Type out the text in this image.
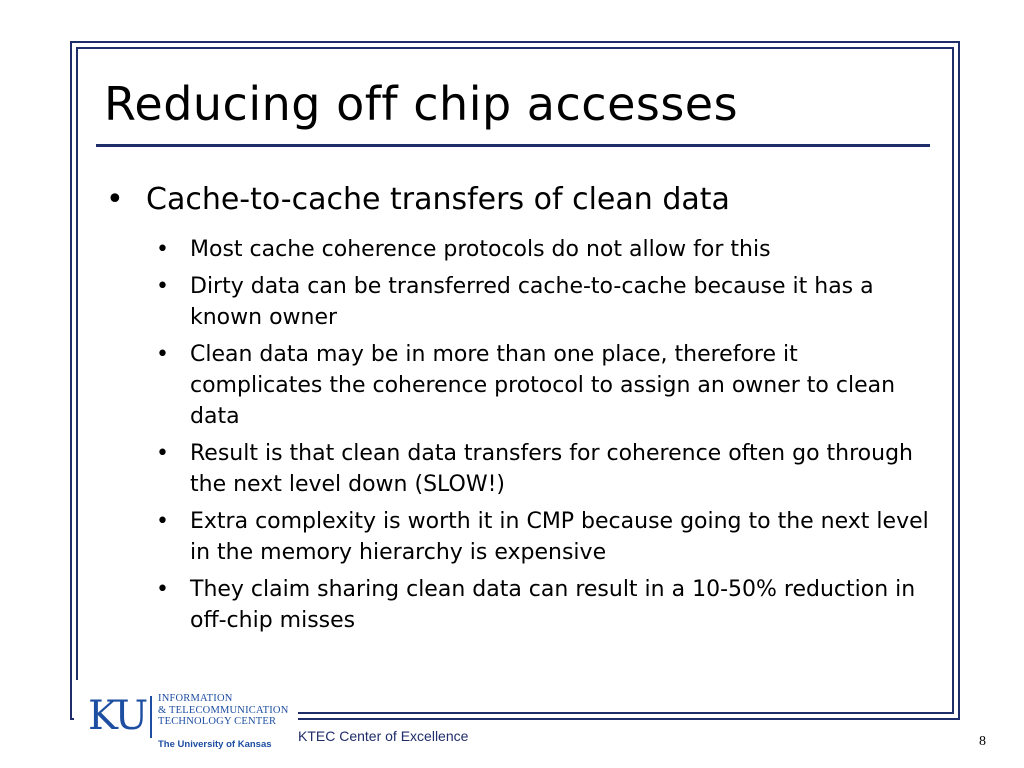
Reducing off chip accesses
• Cache-to-cache transfers of clean data
• Most cache coherence protocols do not allow for this
• Dirty data can be transferred cache-to-cache because it has a known owner
• Clean data may be in more than one place, therefore it complicates the coherence protocol to assign an owner to clean data
• Result is that clean data transfers for coherence often go through the next level down (SLOW!)
• Extra complexity is worth it in CMP because going to the next level in the memory hierarchy is expensive
• They claim sharing clean data can result in a 10-50% reduction in off-chip misses
KU INFORMATION
& TELECOMMUNICATION
TECHNOLOGY CENTER
The University of Kansas
KTEC Center of Excellence	8
